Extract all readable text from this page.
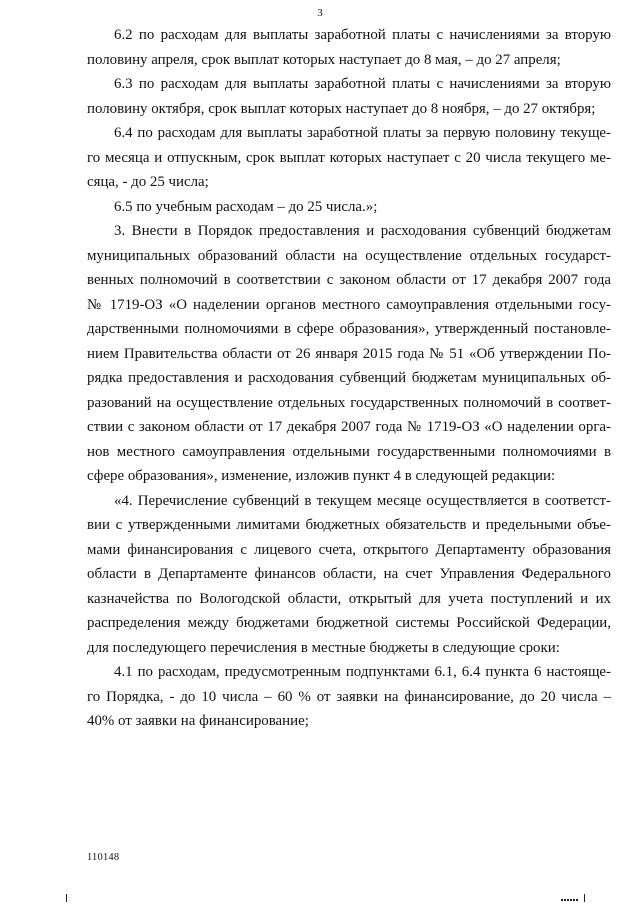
3
6.2 по расходам для выплаты заработной платы с начислениями за вторую
половину апреля, срок выплат которых наступает до 8 мая, – до 27 апреля;
6.3 по расходам для выплаты заработной платы с начислениями за вторую
половину октября, срок выплат которых наступает до 8 ноября, – до 27 октября;
6.4 по расходам для выплаты заработной платы за первую половину текуще-
го месяца и отпускным, срок выплат которых наступает с 20 числа текущего ме-
сяца, - до 25 числа;
6.5 по учебным расходам – до 25 числа.»;
3. Внести в Порядок предоставления и расходования субвенций бюджетам
муниципальных образований области на осуществление отдельных государст-
венных полномочий в соответствии с законом области от 17 декабря 2007 года
№ 1719-ОЗ «О наделении органов местного самоуправления отдельными госу-
дарственными полномочиями в сфере образования», утвержденный постановле-
нием Правительства области от 26 января 2015 года № 51 «Об утверждении По-
рядка предоставления и расходования субвенций бюджетам муниципальных об-
разований на осуществление отдельных государственных полномочий в соответ-
ствии с законом области от 17 декабря 2007 года № 1719-ОЗ «О наделении орга-
нов местного самоуправления отдельными государственными полномочиями в
сфере образования», изменение, изложив пункт 4 в следующей редакции:
«4. Перечисление субвенций в текущем месяце осуществляется в соответст-
вии с утвержденными лимитами бюджетных обязательств и предельными объе-
мами финансирования с лицевого счета, открытого Департаменту образования
области в Департаменте финансов области, на счет Управления Федерального
казначейства по Вологодской области, открытый для учета поступлений и их
распределения между бюджетами бюджетной системы Российской Федерации,
для последующего перечисления в местные бюджеты в следующие сроки:
4.1 по расходам, предусмотренным подпунктами 6.1, 6.4 пункта 6 настояще-
го Порядка, - до 10 числа – 60 % от заявки на финансирование, до 20 числа –
40% от заявки на финансирование;
110148
